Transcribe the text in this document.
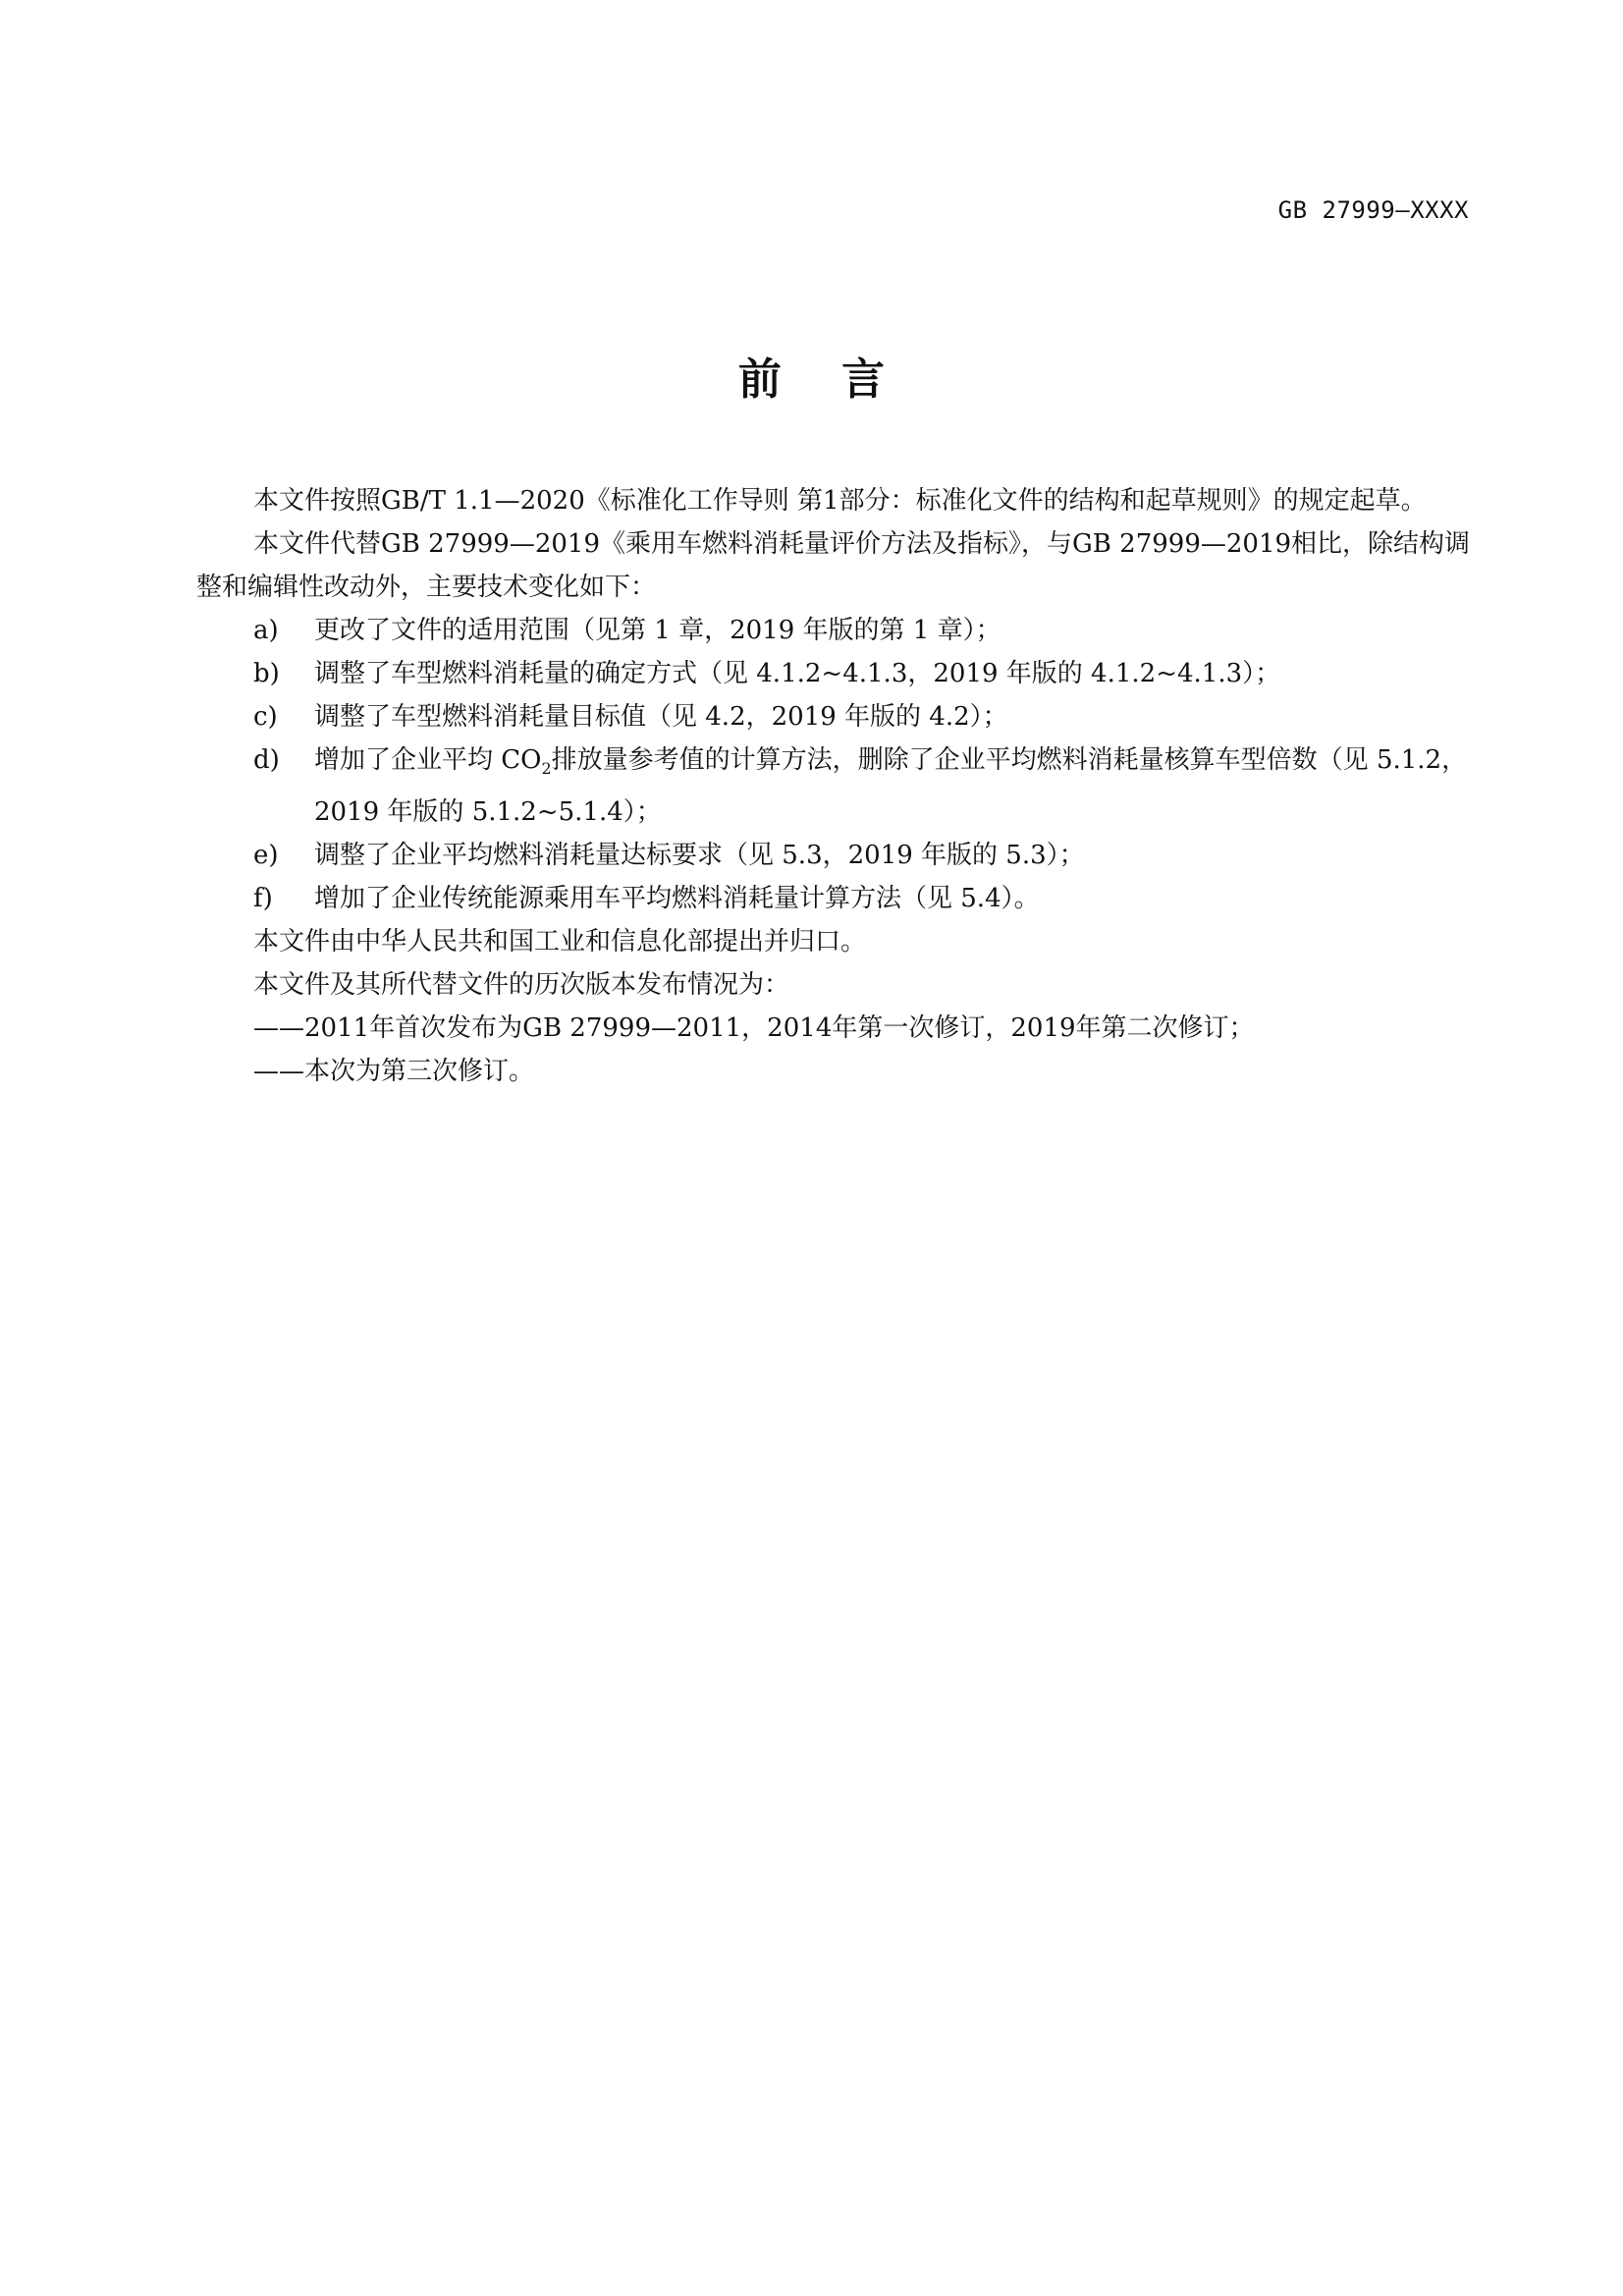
GB 27999—XXXX
前    言

本文件按照GB/T 1.1—2020《标准化工作导则 第1部分：标准化文件的结构和起草规则》的规定起草。

本文件代替GB 27999—2019《乘用车燃料消耗量评价方法及指标》，与GB 27999—2019相比，除结构调整和编辑性改动外，主要技术变化如下：

a)	更改了文件的适用范围（见第 1 章，2019 年版的第 1 章）；
b)	调整了车型燃料消耗量的确定方式（见 4.1.2~4.1.3，2019 年版的 4.1.2~4.1.3）；
c)	调整了车型燃料消耗量目标值（见 4.2，2019 年版的 4.2）；
d)	增加了企业平均 $CO_2$排放量参考值的计算方法，删除了企业平均燃料消耗量核算车型倍数（见 5.1.2，2019 年版的 5.1.2~5.1.4）；
e)	调整了企业平均燃料消耗量达标要求（见 5.3，2019 年版的 5.3）；
f)	增加了企业传统能源乘用车平均燃料消耗量计算方法（见 5.4）。

本文件由中华人民共和国工业和信息化部提出并归口。

本文件及其所代替文件的历次版本发布情况为：

——2011年首次发布为GB 27999—2011，2014年第一次修订，2019年第二次修订；

——本次为第三次修订。
